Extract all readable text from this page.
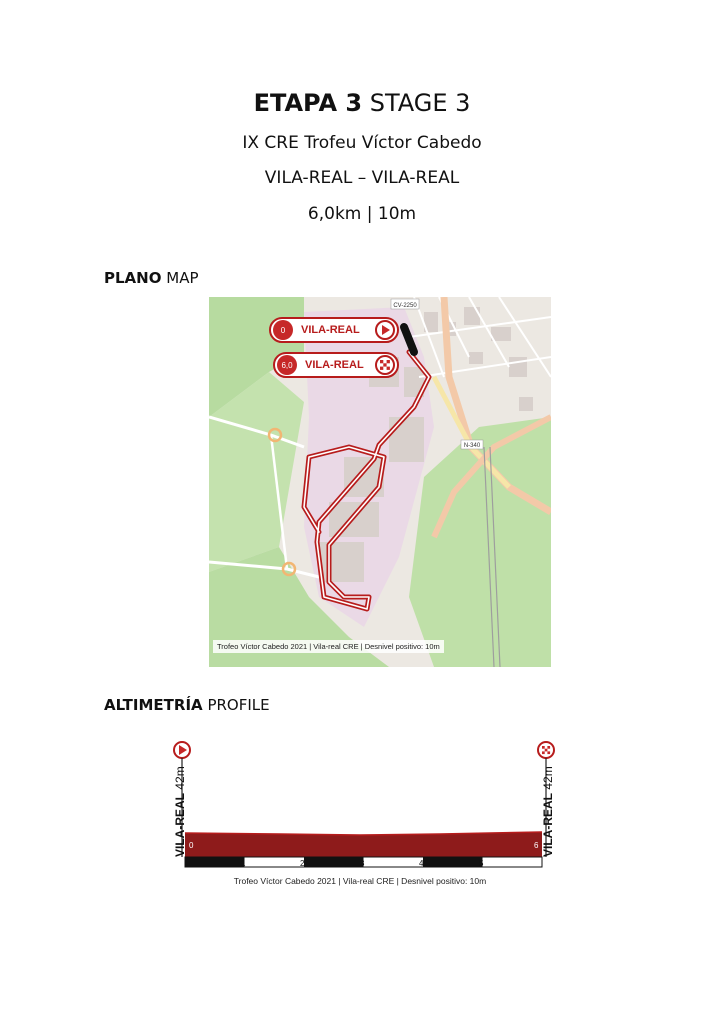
ETAPA 3 STAGE 3
IX CRE Trofeu Víctor Cabedo
VILA-REAL – VILA-REAL
6,0km | 10m
PLANO MAP
CV-2250
N-340
0	VILA-REAL
6,0	VILA-REAL
Trofeo Víctor Cabedo 2021 | Vila-real CRE | Desnivel positivo: 10m
ALTIMETRÍA PROFILE
0
1	2	3	4	5
6
VILA-REAL 42m
VILA-REAL 42m
Trofeo Víctor Cabedo 2021 | Vila-real CRE | Desnivel positivo: 10m
